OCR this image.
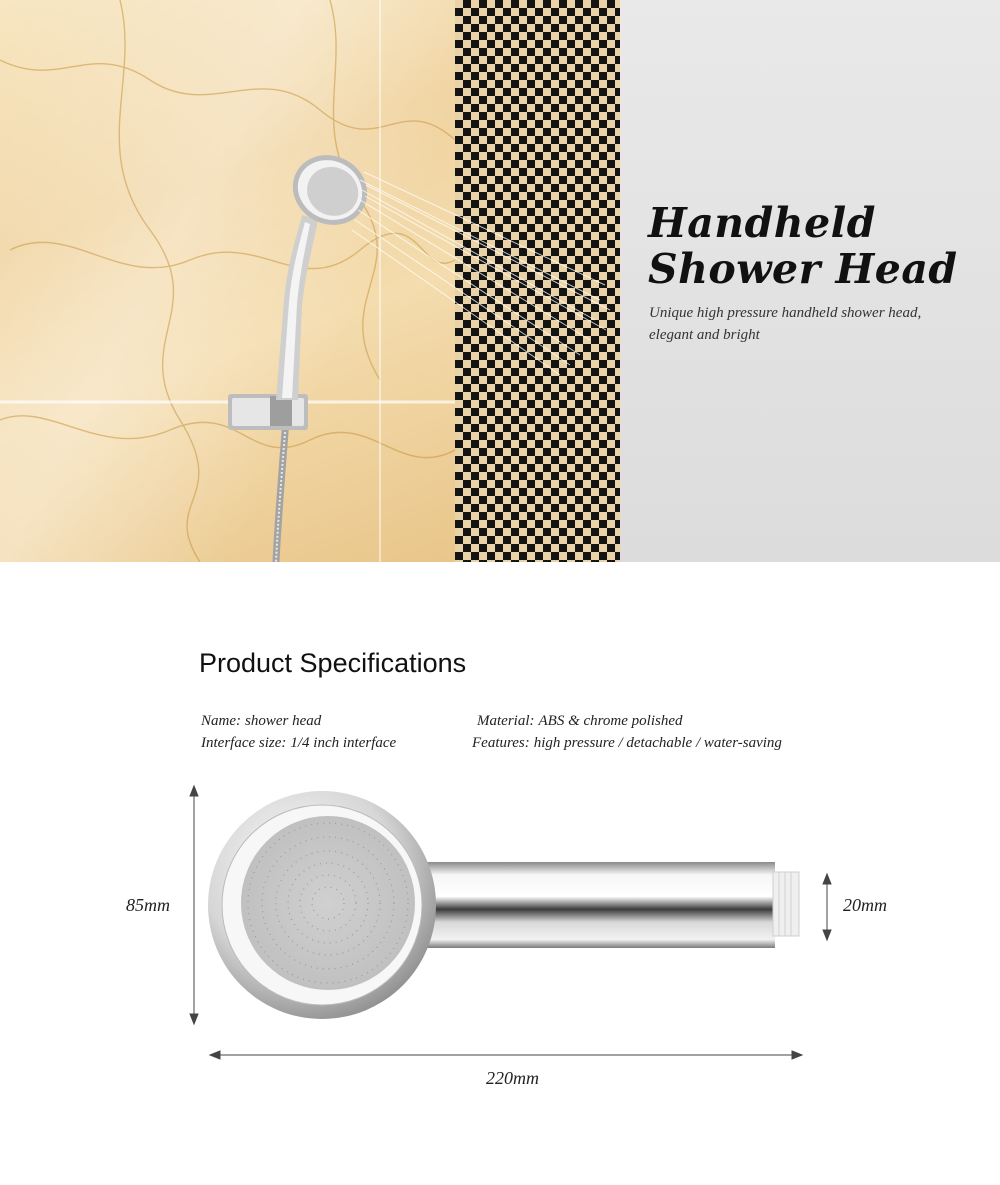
Handheld
Shower Head

Unique high pressure handheld shower head,
elegant and bright

Product Specifications
Name: shower head	Material: ABS & chrome polished
Interface size: 1/4 inch interface	Features: high pressure / detachable / water-saving
85mm	20mm
220mm
